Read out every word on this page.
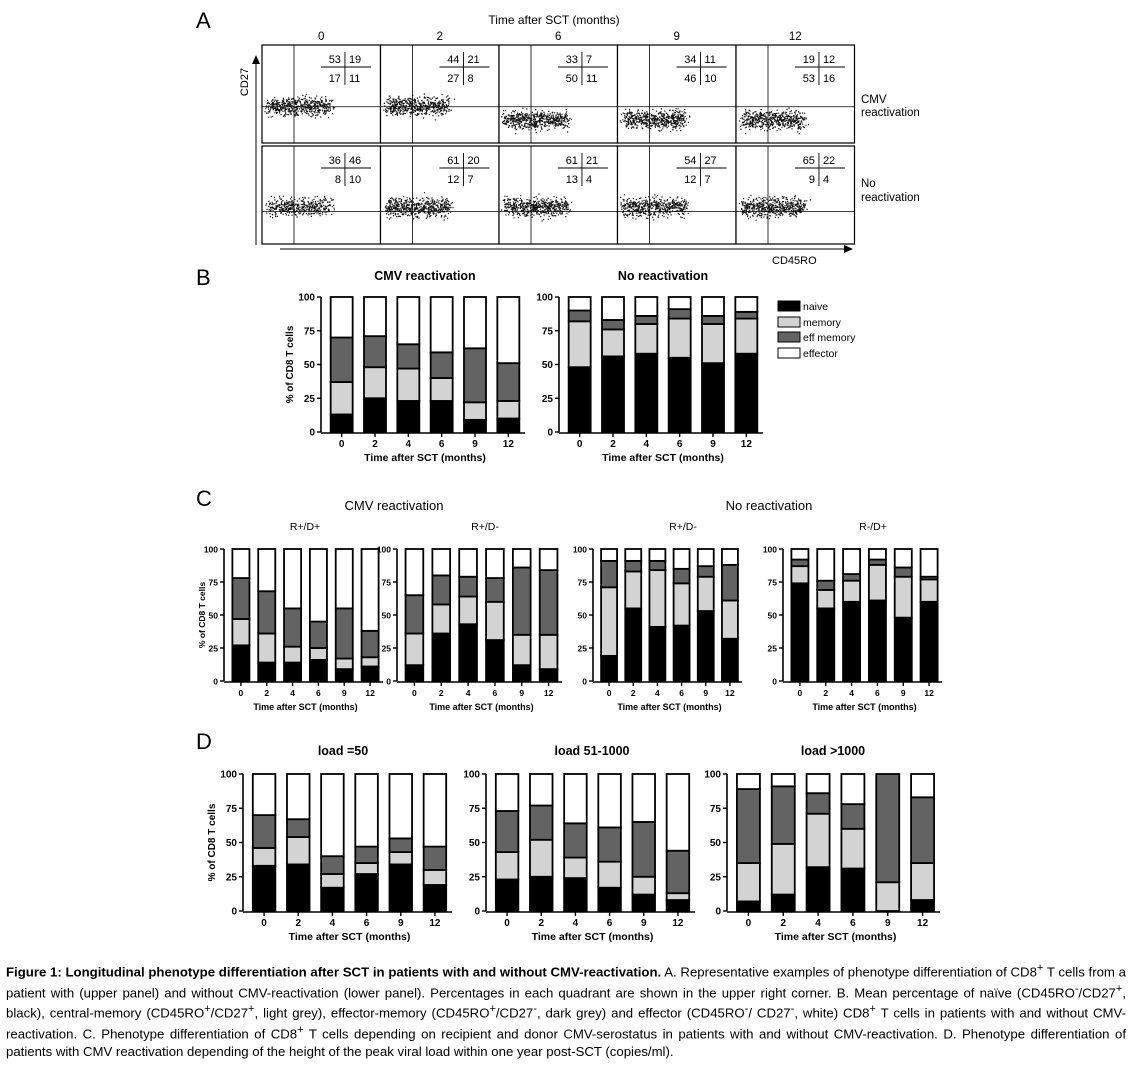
A
B
C
D
Time after SCT (months)
CD27
CD45RO
CMV
reactivation
No
reactivation
CMV reactivation	No reactivation
0	2	6	9	12
53 19
17 11
44 21
27 8
33 7
50 11
34 11
46 10
19 12
53 16
36 46
8 10
61 20
12 7
61 21
13 4
54 27
12 7
65 22
9 4
CMV reactivation
0
25
50
75
100
0	2	4	6	9 12
Time after SCT (months)
% of CD8 T cells
No reactivation
0
25
50
75
100
0	2	4	6	9 12
Time after SCT (months)
R+/D+
0
25
50
75
100
0 2 4 6 9 12
Time after SCT (months)
% of CD8 T cells
R+/D-
0
25
50
75
100
0	2	4	6	9 12
Time after SCT (months)
R+/D-
0
25
50
75
100
0 2 4 6 9 12
Time after SCT (months)
R-/D+
0
25
50
75
100
0 2 4 6 9 12
Time after SCT (months)
load =50
0
25
50
75
100
0	2	4	6	9	12
Time after SCT (months)
% of CD8 T cells
load 51-1000
0
25
50
75
100
0	2	4	6	9	12
Time after SCT (months)
load >1000
0
25
50
75
100
0	2	4	6	9	12
Time after SCT (months)
naive
memory
eff memory
effector
Figure 1: Longitudinal phenotype differentiation after SCT in patients with and without CMV-reactivation. A. Representative examples of phenotype differentiation of CD8+ T cells from a patient with (upper panel) and without CMV-reactivation (lower panel). Percentages in each quadrant are shown in the upper right corner. B. Mean percentage of naïve (CD45RO-/CD27+, black), central-memory (CD45RO+/CD27+, light grey), effector-memory (CD45RO+/CD27-, dark grey) and effector (CD45RO-/ CD27-, white) CD8+ T cells in patients with and without CMV-reactivation. C. Phenotype differentiation of CD8+ T cells depending on recipient and donor CMV-serostatus in patients with and without CMV-reactivation. D. Phenotype differentiation of patients with CMV reactivation depending of the height of the peak viral load within one year post-SCT (copies/ml).
